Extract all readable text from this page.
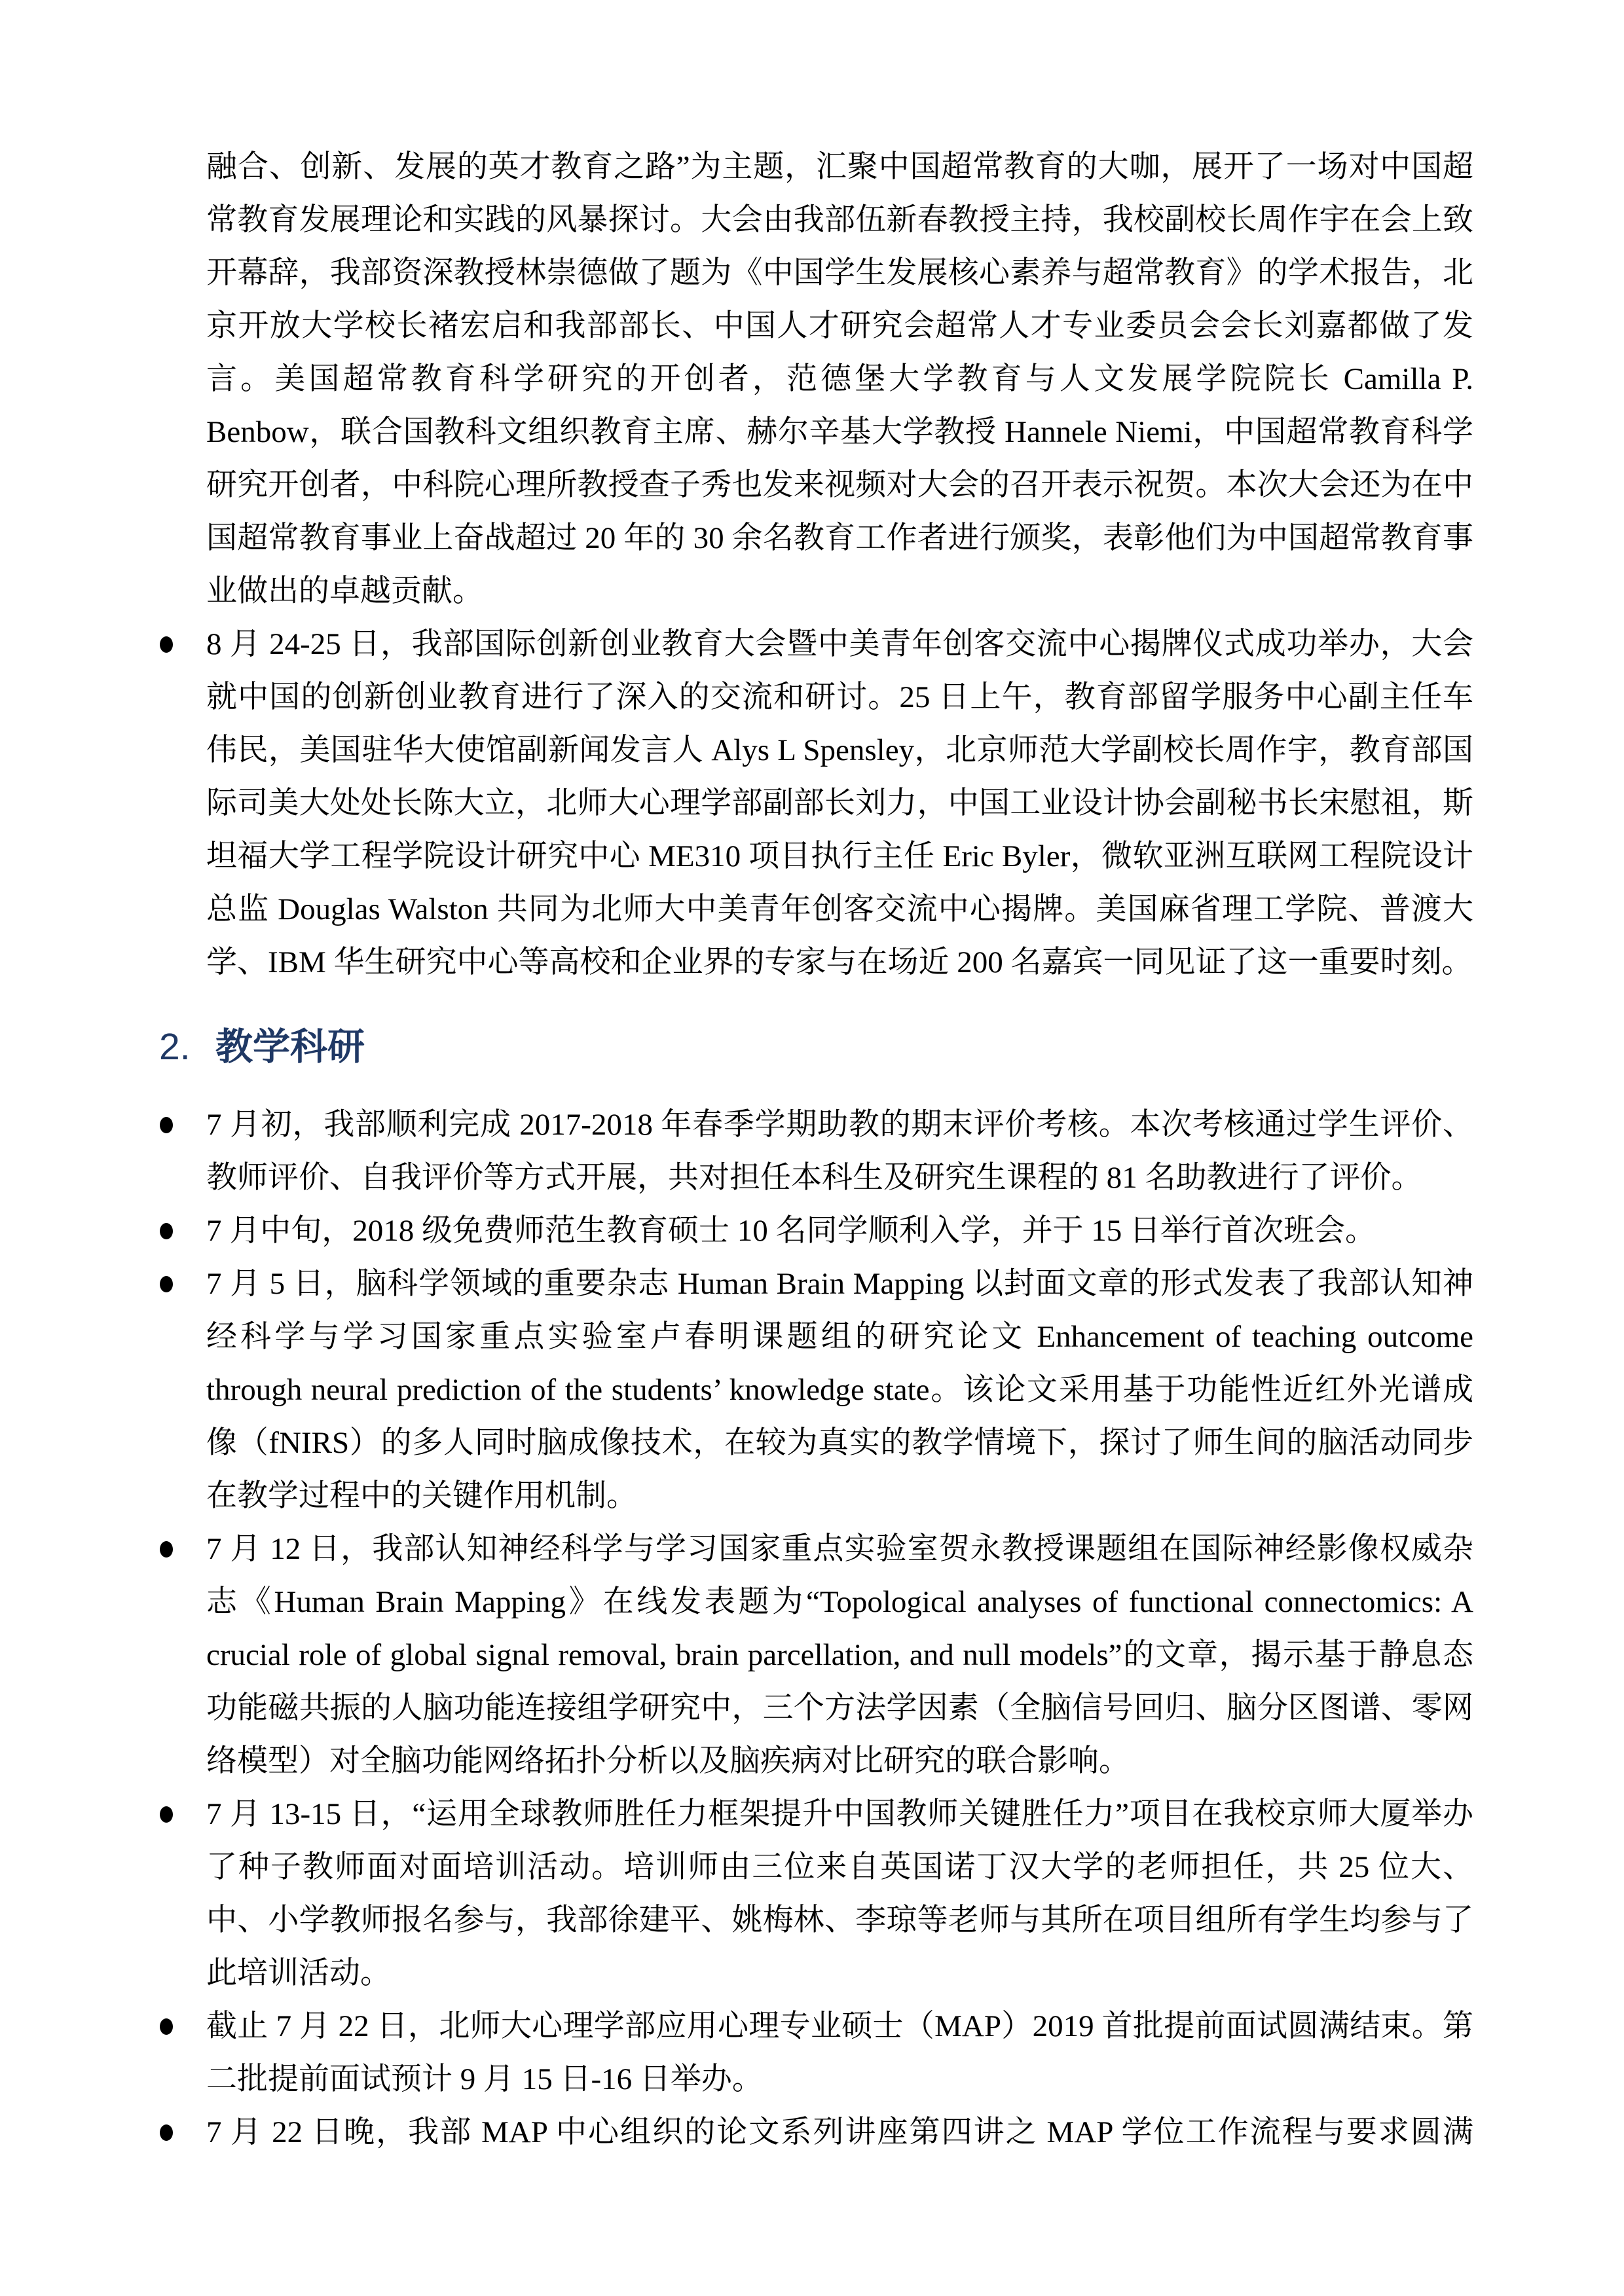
融合、创新、发展的英才教育之路”为主题，汇聚中国超常教育的大咖，展开了一场对中国超常教育发展理论和实践的风暴探讨。大会由我部伍新春教授主持，我校副校长周作宇在会上致开幕辞，我部资深教授林崇德做了题为《中国学生发展核心素养与超常教育》的学术报告，北京开放大学校长褚宏启和我部部长、中国人才研究会超常人才专业委员会会长刘嘉都做了发言。美国超常教育科学研究的开创者，范德堡大学教育与人文发展学院院长 Camilla P. Benbow，联合国教科文组织教育主席、赫尔辛基大学教授 Hannele Niemi，中国超常教育科学研究开创者，中科院心理所教授查子秀也发来视频对大会的召开表示祝贺。本次大会还为在中国超常教育事业上奋战超过 20 年的 30 余名教育工作者进行颁奖，表彰他们为中国超常教育事业做出的卓越贡献。

8 月 24-25 日，我部国际创新创业教育大会暨中美青年创客交流中心揭牌仪式成功举办，大会就中国的创新创业教育进行了深入的交流和研讨。25 日上午，教育部留学服务中心副主任车伟民，美国驻华大使馆副新闻发言人 Alys L Spensley，北京师范大学副校长周作宇，教育部国际司美大处处长陈大立，北师大心理学部副部长刘力，中国工业设计协会副秘书长宋慰祖，斯坦福大学工程学院设计研究中心 ME310 项目执行主任 Eric Byler，微软亚洲互联网工程院设计总监 Douglas Walston 共同为北师大中美青年创客交流中心揭牌。美国麻省理工学院、普渡大学、IBM 华生研究中心等高校和企业界的专家与在场近 200 名嘉宾一同见证了这一重要时刻。
2. 教学科研
7 月初，我部顺利完成 2017-2018 年春季学期助教的期末评价考核。本次考核通过学生评价、教师评价、自我评价等方式开展，共对担任本科生及研究生课程的 81 名助教进行了评价。
7 月中旬，2018 级免费师范生教育硕士 10 名同学顺利入学，并于 15 日举行首次班会。
7 月 5 日，脑科学领域的重要杂志 Human Brain Mapping 以封面文章的形式发表了我部认知神经科学与学习国家重点实验室卢春明课题组的研究论文 Enhancement of teaching outcome through neural prediction of the students’ knowledge state。该论文采用基于功能性近红外光谱成像（fNIRS）的多人同时脑成像技术，在较为真实的教学情境下，探讨了师生间的脑活动同步在教学过程中的关键作用机制。
7 月 12 日，我部认知神经科学与学习国家重点实验室贺永教授课题组在国际神经影像权威杂志《Human Brain Mapping》在线发表题为“Topological analyses of functional connectomics: A crucial role of global signal removal, brain parcellation, and null models”的文章，揭示基于静息态功能磁共振的人脑功能连接组学研究中，三个方法学因素（全脑信号回归、脑分区图谱、零网络模型）对全脑功能网络拓扑分析以及脑疾病对比研究的联合影响。
7 月 13-15 日，“运用全球教师胜任力框架提升中国教师关键胜任力”项目在我校京师大厦举办了种子教师面对面培训活动。培训师由三位来自英国诺丁汉大学的老师担任，共 25 位大、中、小学教师报名参与，我部徐建平、姚梅林、李琼等老师与其所在项目组所有学生均参与了此培训活动。
截止 7 月 22 日，北师大心理学部应用心理专业硕士（MAP）2019 首批提前面试圆满结束。第二批提前面试预计 9 月 15 日-16 日举办。
7 月 22 日晚，我部 MAP 中心组织的论文系列讲座第四讲之 MAP 学位工作流程与要求圆满
